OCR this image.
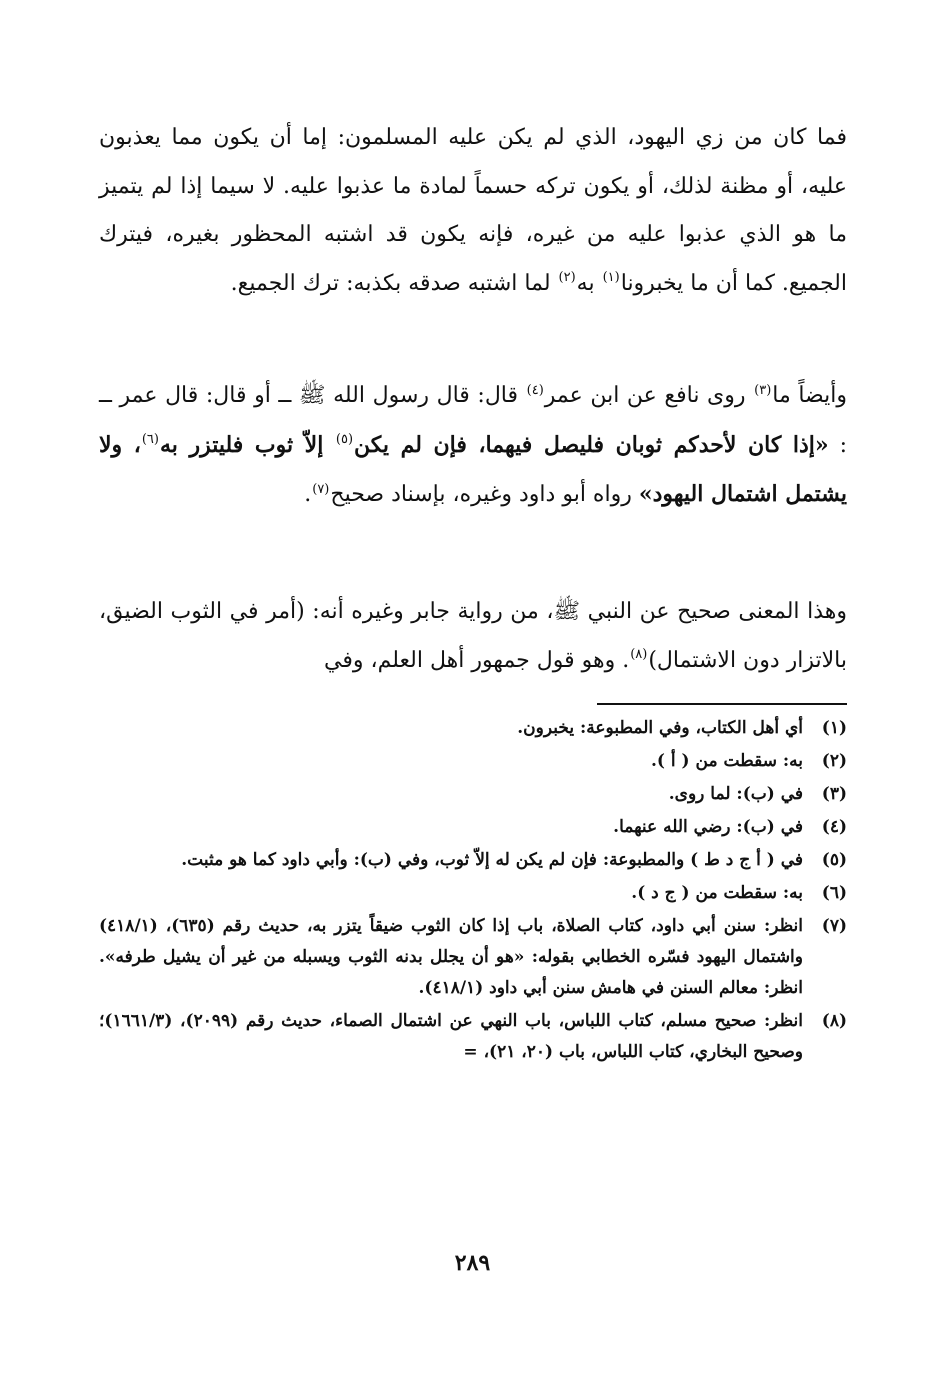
فما كان من زي اليهود، الذي لم يكن عليه المسلمون: إما أن يكون مما يعذبون عليه، أو مظنة لذلك، أو يكون تركه حسماً لمادة ما عذبوا عليه. لا سيما إذا لم يتميز ما هو الذي عذبوا عليه من غيره، فإنه يكون قد اشتبه المحظور بغيره، فيترك الجميع. كما أن ما يخبرونا$^{(١)}$ به$^{(٢)}$ لما اشتبه صدقه بكذبه: ترك الجميع.

وأيضاً ما$^{(٣)}$ روى نافع عن ابن عمر$^{(٤)}$ قال: قال رسول الله ﷺ ــ أو قال: قال عمر ــ : «إذا كان لأحدكم ثوبان فليصل فيهما، فإن لم يكن$^{(٥)}$ إلاّ ثوب فليتزر به$^{(٦)}$، ولا يشتمل اشتمال اليهود» رواه أبو داود وغيره، بإسناد صحيح$^{(٧)}$.

وهذا المعنى صحيح عن النبي ﷺ، من رواية جابر وغيره أنه: (أمر في الثوب الضيق، بالاتزار دون الاشتمال)$^{(٨)}$. وهو قول جمهور أهل العلم، وفي

(١)
أي أهل الكتاب، وفي المطبوعة: يخبرون.
(٢)
به: سقطت من ( أ ).
(٣)
في (ب): لما روى.
(٤)
في (ب): رضي الله عنهما.
(٥)
في ( أ ج د ط ) والمطبوعة: فإن لم يكن له إلاّ ثوب، وفي (ب): وأبي داود كما هو مثبت.
(٦)
به: سقطت من ( ج د ).
(٧)
انظر: سنن أبي داود، كتاب الصلاة، باب إذا كان الثوب ضيقاً يتزر به، حديث رقم (٦٣٥)، (٤١٨/١) واشتمال اليهود فسّره الخطابي بقوله: «هو أن يجلل بدنه الثوب ويسبله من غير أن يشيل طرفه». انظر: معالم السنن في هامش سنن أبي داود (٤١٨/١).
(٨)
انظر: صحيح مسلم، كتاب اللباس، باب النهي عن اشتمال الصماء، حديث رقم (٢٠٩٩)، (١٦٦١/٣)؛ وصحيح البخاري، كتاب اللباس، باب (٢٠، ٢١)، =
٢٨٩
